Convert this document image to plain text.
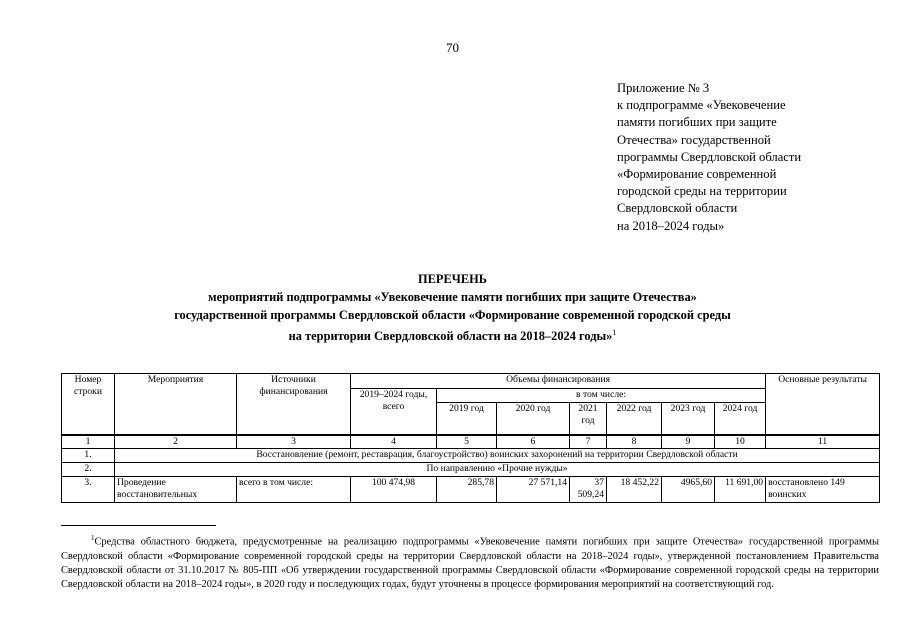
70
Приложение № 3
к подпрограмме «Увековечение
памяти погибших при защите
Отечества» государственной
программы Свердловской области
«Формирование современной
городской среды на территории
Свердловской области
на 2018–2024 годы»
ПЕРЕЧЕНЬ
мероприятий подпрограммы «Увековечение памяти погибших при защите Отечества»
государственной программы Свердловской области «Формирование современной городской среды
на территории Свердловской области на 2018–2024 годы»$^1$
Номер строки	Мероприятия	Источники финансирования	Объемы финансирования							Основные результаты
			2019–2024 годы, всего	в том числе:						
				2019 год	2020 год	2021 год	2022 год	2023 год	2024 год	
1	2	3	4	5	6	7	8	9	10	11
1.	Восстановление (ремонт, реставрация, благоустройство) воинских захоронений на территории Свердловской области									
2.	По направлению «Прочие нужды»									
3.	Проведение восстановительных	всего в том числе:	100 474,98	285,78	27 571,14	37 509,24	18 452,22	4965,60	11 691,00	восстановлено 149 воинских
$^1$Средства областного бюджета, предусмотренные на реализацию подпрограммы «Увековечение памяти погибших при защите Отечества» государственной программы Свердловской области «Формирование современной городской среды на территории Свердловской области на 2018–2024 годы», утвержденной постановлением Правительства Свердловской области от 31.10.2017 № 805-ПП «Об утверждении государственной программы Свердловской области «Формирование современной городской среды на территории Свердловской области на 2018–2024 годы», в 2020 году и последующих годах, будут уточнены в процессе формирования мероприятий на соответствующий год.
